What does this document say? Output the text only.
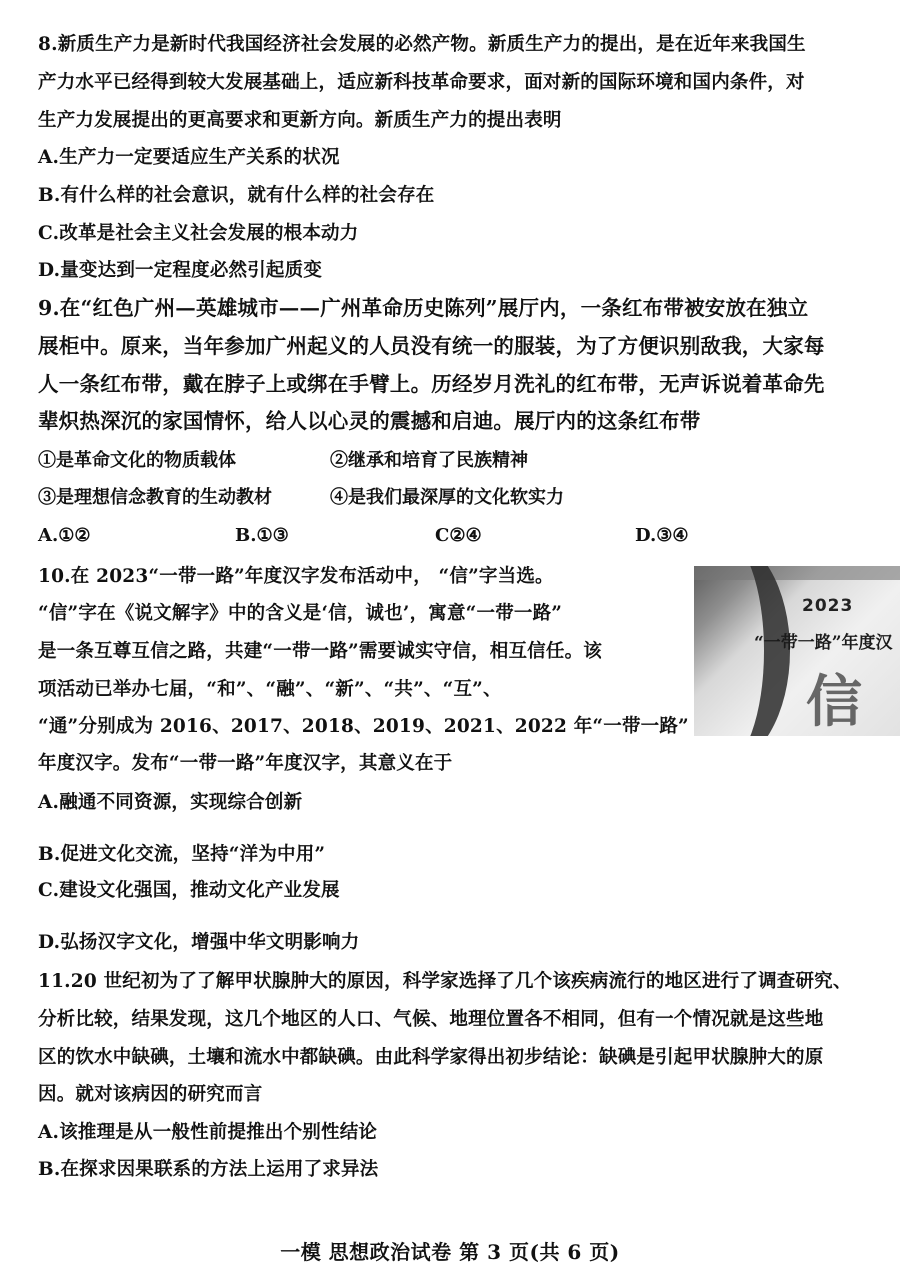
8.新质生产力是新时代我国经济社会发展的必然产物。新质生产力的提出，是在近年来我国生
产力水平已经得到较大发展基础上，适应新科技革命要求，面对新的国际环境和国内条件，对
生产力发展提出的更高要求和更新方向。新质生产力的提出表明
A.生产力一定要适应生产关系的状况
B.有什么样的社会意识，就有什么样的社会存在
C.改革是社会主义社会发展的根本动力
D.量变达到一定程度必然引起质变
9.在“红色广州—英雄城市——广州革命历史陈列”展厅内，一条红布带被安放在独立
展柜中。原来，当年参加广州起义的人员没有统一的服装，为了方便识别敌我，大家每
人一条红布带，戴在脖子上或绑在手臂上。历经岁月洗礼的红布带，无声诉说着革命先
辈炽热深沉的家国情怀，给人以心灵的震撼和启迪。展厅内的这条红布带
①是革命文化的物质载体	②继承和培育了民族精神
③是理想信念教育的生动教材	④是我们最深厚的文化软实力
A.①②	B.①③	C②④	D.③④
10.在 2023“一带一路”年度汉字发布活动中， “信”字当选。
“信”字在《说文解字》中的含义是‘信，诚也’，寓意“一带一路”
是一条互尊互信之路，共建“一带一路”需要诚实守信，相互信任。该
项活动已举办七届，“和”、“融”、“新”、“共”、“互”、
“通”分别成为 2016、2017、2018、2019、2021、2022 年“一带一路”
年度汉字。发布“一带一路”年度汉字，其意义在于
A.融通不同资源，实现综合创新
B.促进文化交流，坚持“洋为中用”
C.建设文化强国，推动文化产业发展
D.弘扬汉字文化，增强中华文明影响力
2023
“一带一路”年度汉
信
11.20 世纪初为了了解甲状腺肿大的原因，科学家选择了几个该疾病流行的地区进行了调查研究、
分析比较，结果发现，这几个地区的人口、气候、地理位置各不相同，但有一个情况就是这些地
区的饮水中缺碘，土壤和流水中都缺碘。由此科学家得出初步结论：缺碘是引起甲状腺肿大的原
因。就对该病因的研究而言
A.该推理是从一般性前提推出个别性结论
B.在探求因果联系的方法上运用了求异法
一模 思想政治试卷 第 3 页(共 6 页)
